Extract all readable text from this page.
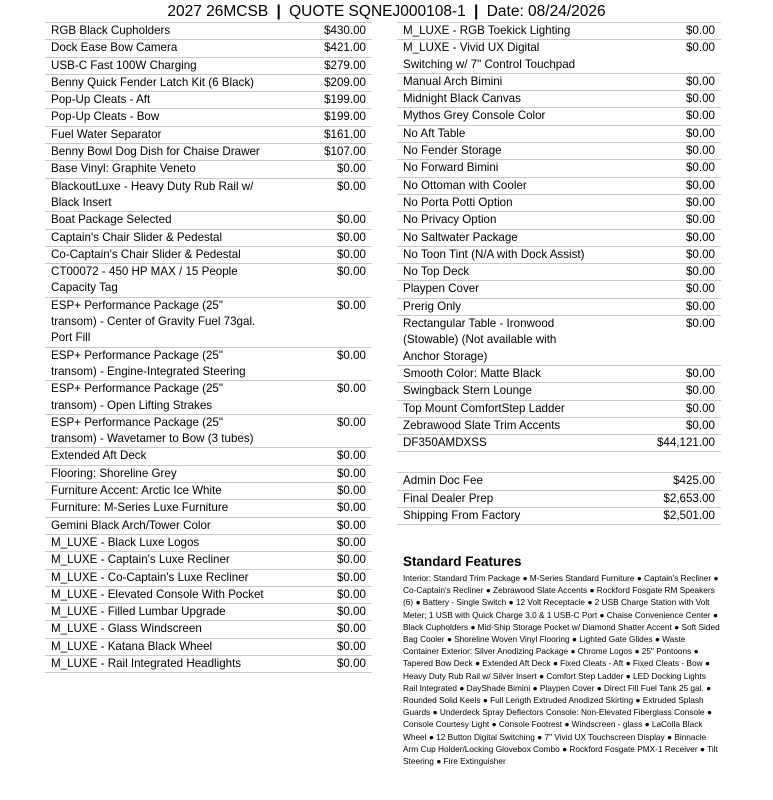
2027 26MCSB | QUOTE SQNEJ000108-1 | Date: 08/24/2026
RGB Black Cupholders	$430.00
Dock Ease Bow Camera	$421.00
USB-C Fast 100W Charging	$279.00
Benny Quick Fender Latch Kit (6 Black)	$209.00
Pop-Up Cleats - Aft	$199.00
Pop-Up Cleats - Bow	$199.00
Fuel Water Separator	$161.00
Benny Bowl Dog Dish for Chaise Drawer	$107.00
Base Vinyl: Graphite Veneto	$0.00
BlackoutLuxe - Heavy Duty Rub Rail w/ Black Insert	$0.00
Boat Package Selected	$0.00
Captain's Chair Slider & Pedestal	$0.00
Co-Captain's Chair Slider & Pedestal	$0.00
CT00072 - 450 HP MAX / 15 People Capacity Tag	$0.00
ESP+ Performance Package (25" transom) - Center of Gravity Fuel 73gal. Port Fill	$0.00
ESP+ Performance Package (25" transom) - Engine-Integrated Steering	$0.00
ESP+ Performance Package (25" transom) - Open Lifting Strakes	$0.00
ESP+ Performance Package (25" transom) - Wavetamer to Bow (3 tubes)	$0.00
Extended Aft Deck	$0.00
Flooring: Shoreline Grey	$0.00
Furniture Accent: Arctic Ice White	$0.00
Furniture: M-Series Luxe Furniture	$0.00
Gemini Black Arch/Tower Color	$0.00
M_LUXE - Black Luxe Logos	$0.00
M_LUXE - Captain's Luxe Recliner	$0.00
M_LUXE - Co-Captain's Luxe Recliner	$0.00
M_LUXE - Elevated Console With Pocket	$0.00
M_LUXE - Filled Lumbar Upgrade	$0.00
M_LUXE - Glass Windscreen	$0.00
M_LUXE - Katana Black Wheel	$0.00
M_LUXE - Rail Integrated Headlights	$0.00
M_LUXE - RGB Toekick Lighting	$0.00
M_LUXE - Vivid UX Digital Switching w/ 7" Control Touchpad	$0.00
Manual Arch Bimini	$0.00
Midnight Black Canvas	$0.00
Mythos Grey Console Color	$0.00
No Aft Table	$0.00
No Fender Storage	$0.00
No Forward Bimini	$0.00
No Ottoman with Cooler	$0.00
No Porta Potti Option	$0.00
No Privacy Option	$0.00
No Saltwater Package	$0.00
No Toon Tint (N/A with Dock Assist)	$0.00
No Top Deck	$0.00
Playpen Cover	$0.00
Prerig Only	$0.00
Rectangular Table - Ironwood (Stowable) (Not available with Anchor Storage)	$0.00
Smooth Color: Matte Black	$0.00
Swingback Stern Lounge	$0.00
Top Mount ComfortStep Ladder	$0.00
Zebrawood Slate Trim Accents	$0.00
DF350AMDXSS	$44,121.00
Admin Doc Fee	$425.00
Final Dealer Prep	$2,653.00
Shipping From Factory	$2,501.00
Standard Features
Interior: Standard Trim Package ● M-Series Standard Furniture ● Captain's Recliner ● Co-Captain's Recliner ● Zebrawood Slate Accents ● Rockford Fosgate RM Speakers (6) ● Battery - Single Switch ● 12 Volt Receptacle ● 2 USB Charge Station with Volt Meter; 1 USB with Quick Charge 3.0 & 1 USB-C Port ● Chaise Convenience Center ● Black Cupholders ● Mid-Ship Storage Pocket w/ Diamond Shatter Accent ● Soft Sided Bag Cooler ● Shoreline Woven Vinyl Flooring ● Lighted Gate Glides ● Waste Container Exterior: Silver Anodizing Package ● Chrome Logos ● 25" Pontoons ● Tapered Bow Deck ● Extended Aft Deck ● Fixed Cleats - Aft ● Fixed Cleats - Bow ● Heavy Duty Rub Rail w/ Silver Insert ● Comfort Step Ladder ● LED Docking Lights Rail Integrated ● DayShade Bimini ● Playpen Cover ● Direct Fill Fuel Tank 25 gal. ● Rounded Solid Keels ● Full Length Extruded Anodized Skirting ● Extruded Splash Guards ● Underdeck Spray Deflectors Console: Non-Elevated Fiberglass Console ● Console Courtesy Light ● Console Footrest ● Windscreen - glass ● LaColla Black Wheel ● 12 Button Digital Switching ● 7" Vivid UX Touchscreen Display ● Binnacle Arm Cup Holder/Locking Glovebox Combo ● Rockford Fosgate PMX-1 Receiver ● Tilt Steering ● Fire Extinguisher
